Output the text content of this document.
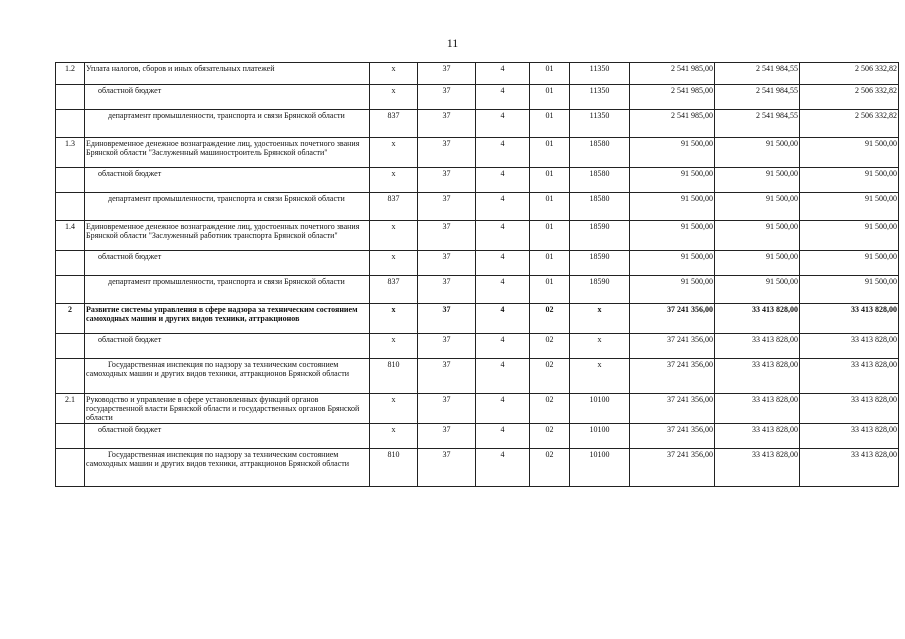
11
1.2	Уплата налогов, сборов и иных обязательных платежей	х	37	4	01	11350	2 541 985,00	2 541 984,55	2 506 332,82

	областной бюджет	х	37	4	01	11350	2 541 985,00	2 541 984,55	2 506 332,82

	департамент промышленности, транспорта и связи Брянской области	837	37	4	01	11350	2 541 985,00	2 541 984,55	2 506 332,82
1.3	Единовременное денежное вознаграждение лиц, удостоенных почетного звания Брянской области "Заслуженный машиностроитель Брянской области"	х	37	4	01	18580	91 500,00	91 500,00	91 500,00

	областной бюджет	х	37	4	01	18580	91 500,00	91 500,00	91 500,00

	департамент промышленности, транспорта и связи Брянской области	837	37	4	01	18580	91 500,00	91 500,00	91 500,00
1.4	Единовременное денежное вознаграждение лиц, удостоенных почетного звания Брянской области "Заслуженный работник транспорта Брянской области"	х	37	4	01	18590	91 500,00	91 500,00	91 500,00

	областной бюджет	х	37	4	01	18590	91 500,00	91 500,00	91 500,00

	департамент промышленности, транспорта и связи Брянской области	837	37	4	01	18590	91 500,00	91 500,00	91 500,00
2	Развитие системы управления в сфере надзора за техническим состоянием самоходных машин и других видов техники, аттракционов	х	37	4	02	х	37 241 356,00	33 413 828,00	33 413 828,00

	областной бюджет	х	37	4	02	х	37 241 356,00	33 413 828,00	33 413 828,00

	Государственная инспекция по надзору за техническим состоянием самоходных машин и других видов техники, аттракционов Брянской области	810	37	4	02	х	37 241 356,00	33 413 828,00	33 413 828,00
2.1	Руководство и управление в сфере установленных функций органов государственной власти Брянской области и государственных органов Брянской области	х	37	4	02	10100	37 241 356,00	33 413 828,00	33 413 828,00

	областной бюджет	х	37	4	02	10100	37 241 356,00	33 413 828,00	33 413 828,00

	Государственная инспекция по надзору за техническим состоянием самоходных машин и других видов техники, аттракционов Брянской области	810	37	4	02	10100	37 241 356,00	33 413 828,00	33 413 828,00
